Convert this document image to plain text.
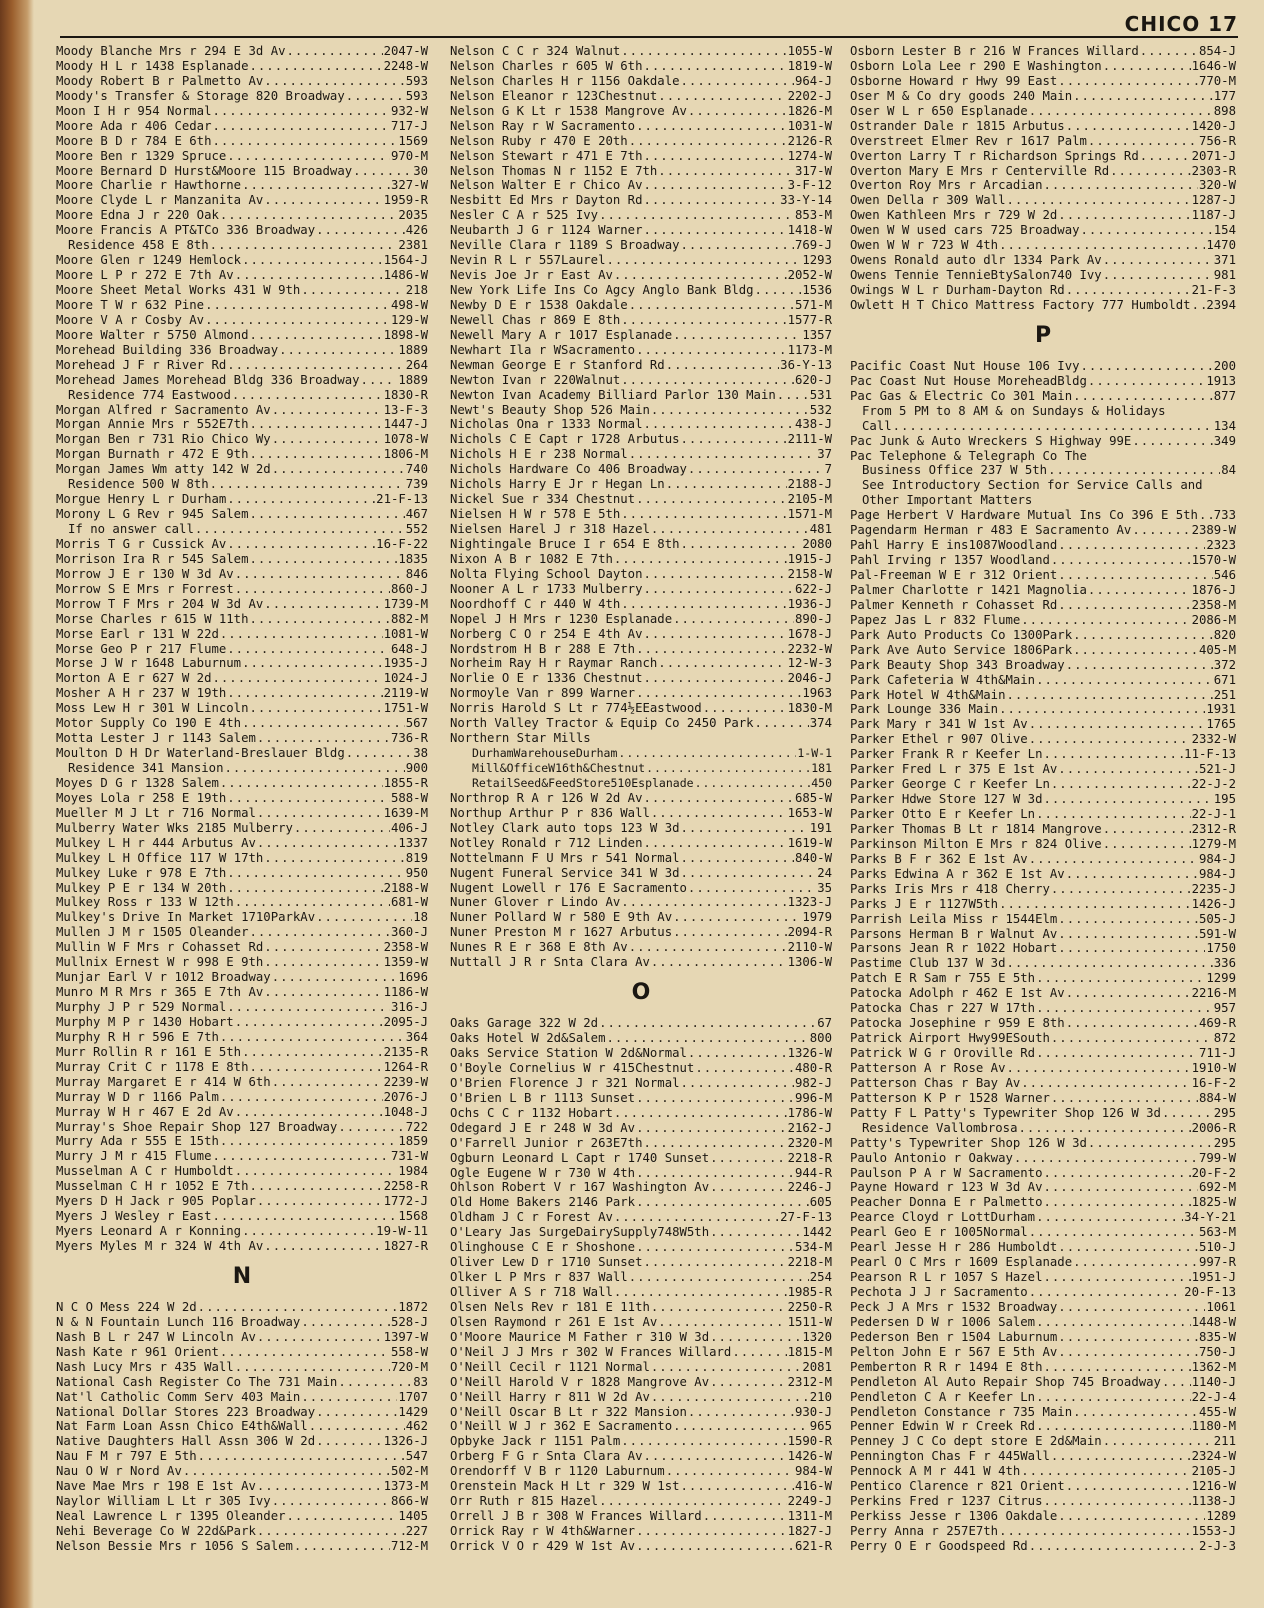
CHICO 17
Moody Blanche Mrs r 294 E 3d Av .....	2047-W
Moody H L r 1438 Esplanade .....	2248-W
Moody Robert B r Palmetto Av .....	593
Moody's Transfer & Storage 820 Broadway .....	593
Moon I H r 954 Normal .....	932-W
Moore Ada r 406 Cedar .....	717-J
Moore B D r 784 E 6th .....	1569
Moore Ben r 1329 Spruce .....	970-M
Moore Bernard D Hurst&Moore 115 Broadway .....	30
Moore Charlie r Hawthorne .....	327-W
Moore Clyde L r Manzanita Av .....	1959-R
Moore Edna J r 220 Oak .....	2035
Moore Francis A PT&TCo 336 Broadway .....	426
Residence 458 E 8th .....	2381
Moore Glen r 1249 Hemlock .....	1564-J
Moore L P r 272 E 7th Av .....	1486-W
Moore Sheet Metal Works 431 W 9th .....	218
Moore T W r 632 Pine .....	498-W
Moore V A r Cosby Av .....	129-W
Moore Walter r 5750 Almond .....	1898-W
Morehead Building 336 Broadway .....	1889
Morehead J F r River Rd .....	264
Morehead James Morehead Bldg 336 Broadway .....	1889
Residence 774 Eastwood .....	1830-R
Morgan Alfred r Sacramento Av .....	13-F-3
Morgan Annie Mrs r 552E7th .....	1447-J
Morgan Ben r 731 Rio Chico Wy .....	1078-W
Morgan Burnath r 472 E 9th .....	1806-M
Morgan James Wm atty 142 W 2d .....	740
Residence 500 W 8th .....	739
Morgue Henry L r Durham .....	21-F-13
Morony L G Rev r 945 Salem .....	467
If no answer call .....	552
Morris T G r Cussick Av .....	16-F-22
Morrison Ira R r 545 Salem .....	1835
Morrow J E r 130 W 3d Av .....	846
Morrow S E Mrs r Forrest .....	860-J
Morrow T F Mrs r 204 W 3d Av .....	1739-M
Morse Charles r 615 W 11th .....	882-M
Morse Earl r 131 W 22d .....	1081-W
Morse Geo P r 217 Flume .....	648-J
Morse J W r 1648 Laburnum .....	1935-J
Morton A E r 627 W 2d .....	1024-J
Mosher A H r 237 W 19th .....	2119-W
Moss Lew H r 301 W Lincoln .....	1751-W
Motor Supply Co 190 E 4th .....	567
Motta Lester J r 1143 Salem .....	736-R
Moulton D H Dr Waterland-Breslauer Bldg .....	38
Residence 341 Mansion .....	900
Moyes D G r 1328 Salem .....	1855-R
Moyes Lola r 258 E 19th .....	588-W
Mueller M J Lt r 716 Normal .....	1639-M
Mulberry Water Wks 2185 Mulberry .....	406-J
Mulkey L H r 444 Arbutus Av .....	1337
Mulkey L H Office 117 W 17th .....	819
Mulkey Luke r 978 E 7th .....	950
Mulkey P E r 134 W 20th .....	2188-W
Mulkey Ross r 133 W 12th .....	681-W
Mulkey's Drive In Market 1710ParkAv .....	18
Mullen J M r 1505 Oleander .....	360-J
Mullin W F Mrs r Cohasset Rd .....	2358-W
Mullnix Ernest W r 998 E 9th .....	1359-W
Munjar Earl V r 1012 Broadway .....	1696
Munro M R Mrs r 365 E 7th Av .....	1186-W
Murphy J P r 529 Normal .....	316-J
Murphy M P r 1430 Hobart .....	2095-J
Murphy R H r 596 E 7th .....	364
Murr Rollin R r 161 E 5th .....	2135-R
Murray Crit C r 1178 E 8th .....	1264-R
Murray Margaret E r 414 W 6th .....	2239-W
Murray W D r 1166 Palm .....	2076-J
Murray W H r 467 E 2d Av .....	1048-J
Murray's Shoe Repair Shop 127 Broadway .....	722
Murry Ada r 555 E 15th .....	1859
Murry J M r 415 Flume .....	731-W
Musselman A C r Humboldt .....	1984
Musselman C H r 1052 E 7th .....	2258-R
Myers D H Jack r 905 Poplar .....	1772-J
Myers J Wesley r East .....	1568
Myers Leonard A r Konning .....	19-W-11
Myers Myles M r 324 W 4th Av .....	1827-R
N
N C O Mess 224 W 2d .....	1872
N & N Fountain Lunch 116 Broadway .....	528-J
Nash B L r 247 W Lincoln Av .....	1397-W
Nash Kate r 961 Orient .....	558-W
Nash Lucy Mrs r 435 Wall .....	720-M
National Cash Register Co The 731 Main .....	83
Nat'l Catholic Comm Serv 403 Main .....	1707
National Dollar Stores 223 Broadway .....	1429
Nat Farm Loan Assn Chico E4th&Wall .....	462
Native Daughters Hall Assn 306 W 2d .....	1326-J
Nau F M r 797 E 5th .....	547
Nau O W r Nord Av .....	502-M
Nave Mae Mrs r 198 E 1st Av .....	1373-M
Naylor William L Lt r 305 Ivy .....	866-W
Neal Lawrence L r 1395 Oleander .....	1405
Nehi Beverage Co W 22d&Park .....	227
Nelson Bessie Mrs r 1056 S Salem .....	712-M
Nelson C C r 324 Walnut .....	1055-W
Nelson Charles r 605 W 6th .....	1819-W
Nelson Charles H r 1156 Oakdale .....	964-J
Nelson Eleanor r 123Chestnut .....	2202-J
Nelson G K Lt r 1538 Mangrove Av .....	1826-M
Nelson Ray r W Sacramento .....	1031-W
Nelson Ruby r 470 E 20th .....	2126-R
Nelson Stewart r 471 E 7th .....	1274-W
Nelson Thomas N r 1152 E 7th .....	317-W
Nelson Walter E r Chico Av .....	3-F-12
Nesbitt Ed Mrs r Dayton Rd .....	33-Y-14
Nesler C A r 525 Ivy .....	853-M
Neubarth J G r 1124 Warner .....	1418-W
Neville Clara r 1189 S Broadway .....	769-J
Nevin R L r 557Laurel .....	1293
Nevis Joe Jr r East Av .....	2052-W
New York Life Ins Co Agcy Anglo Bank Bldg .....	1536
Newby D E r 1538 Oakdale .....	571-M
Newell Chas r 869 E 8th .....	1577-R
Newell Mary A r 1017 Esplanade .....	1357
Newhart Ila r WSacramento .....	1173-M
Newman George E r Stanford Rd .....	36-Y-13
Newton Ivan r 220Walnut .....	620-J
Newton Ivan Academy Billiard Parlor 130 Main .....	531
Newt's Beauty Shop 526 Main .....	532
Nicholas Ona r 1333 Normal .....	438-J
Nichols C E Capt r 1728 Arbutus .....	2111-W
Nichols H E r 238 Normal .....	37
Nichols Hardware Co 406 Broadway .....	7
Nichols Harry E Jr r Hegan Ln .....	2188-J
Nickel Sue r 334 Chestnut .....	2105-M
Nielsen H W r 578 E 5th .....	1571-M
Nielsen Harel J r 318 Hazel .....	481
Nightingale Bruce I r 654 E 8th .....	2080
Nixon A B r 1082 E 7th .....	1915-J
Nolta Flying School Dayton .....	2158-W
Nooner A L r 1733 Mulberry .....	622-J
Noordhoff C r 440 W 4th .....	1936-J
Nopel J H Mrs r 1230 Esplanade .....	890-J
Norberg C O r 254 E 4th Av .....	1678-J
Nordstrom H B r 288 E 7th .....	2232-W
Norheim Ray H r Raymar Ranch .....	12-W-3
Norlie O E r 1336 Chestnut .....	2046-J
Normoyle Van r 899 Warner .....	1963
Norris Harold S Lt r 774½EEastwood .....	1830-M
North Valley Tractor & Equip Co 2450 Park .....	374
Northern Star Mills
DurhamWarehouseDurham .....	1-W-1
Mill&OfficeW16th&Chestnut .....	181
RetailSeed&FeedStore510Esplanade .....	450
Northrop R A r 126 W 2d Av .....	685-W
Northup Arthur P r 836 Wall .....	1653-W
Notley Clark auto tops 123 W 3d .....	191
Notley Ronald r 712 Linden .....	1619-W
Nottelmann F U Mrs r 541 Normal .....	840-W
Nugent Funeral Service 341 W 3d .....	24
Nugent Lowell r 176 E Sacramento .....	35
Nuner Glover r Lindo Av .....	1323-J
Nuner Pollard W r 580 E 9th Av .....	1979
Nuner Preston M r 1627 Arbutus .....	2094-R
Nunes R E r 368 E 8th Av .....	2110-W
Nuttall J R r Snta Clara Av .....	1306-W
O
Oaks Garage 322 W 2d .....	67
Oaks Hotel W 2d&Salem .....	800
Oaks Service Station W 2d&Normal .....	1326-W
O'Boyle Cornelius W r 415Chestnut .....	480-R
O'Brien Florence J r 321 Normal .....	982-J
O'Brien L B r 1113 Sunset .....	996-M
Ochs C C r 1132 Hobart .....	1786-W
Odegard J E r 248 W 3d Av .....	2162-J
O'Farrell Junior r 263E7th .....	2320-M
Ogburn Leonard L Capt r 1740 Sunset .....	2218-R
Ogle Eugene W r 730 W 4th .....	944-R
Ohlson Robert V r 167 Washington Av .....	2246-J
Old Home Bakers 2146 Park .....	605
Oldham J C r Forest Av .....	27-F-13
O'Leary Jas SurgeDairySupply748W5th .....	1442
Olinghouse C E r Shoshone .....	534-M
Oliver Lew D r 1710 Sunset .....	2218-M
Olker L P Mrs r 837 Wall .....	254
Olliver A S r 718 Wall .....	1985-R
Olsen Nels Rev r 181 E 11th .....	2250-R
Olsen Raymond r 261 E 1st Av .....	1511-W
O'Moore Maurice M Father r 310 W 3d .....	1320
O'Neil J J Mrs r 302 W Frances Willard .....	1815-M
O'Neill Cecil r 1121 Normal .....	2081
O'Neill Harold V r 1828 Mangrove Av .....	2312-M
O'Neill Harry r 811 W 2d Av .....	210
O'Neill Oscar B Lt r 322 Mansion .....	930-J
O'Neill W J r 362 E Sacramento .....	965
Opbyke Jack r 1151 Palm .....	1590-R
Orberg F G r Snta Clara Av .....	1426-W
Orendorff V B r 1120 Laburnum .....	984-W
Orenstein Mack H Lt r 329 W 1st .....	416-W
Orr Ruth r 815 Hazel .....	2249-J
Orrell J B r 308 W Frances Willard .....	1311-M
Orrick Ray r W 4th&Warner .....	1827-J
Orrick V O r 429 W 1st Av .....	621-R
Osborn Lester B r 216 W Frances Willard .....	854-J
Osborn Lola Lee r 290 E Washington .....	1646-W
Osborne Howard r Hwy 99 East .....	770-M
Oser M & Co dry goods 240 Main .....	177
Oser W L r 650 Esplanade .....	898
Ostrander Dale r 1815 Arbutus .....	1420-J
Overstreet Elmer Rev r 1617 Palm .....	756-R
Overton Larry T r Richardson Springs Rd .....	2071-J
Overton Mary E Mrs r Centerville Rd .....	2303-R
Overton Roy Mrs r Arcadian .....	320-W
Owen Della r 309 Wall .....	1287-J
Owen Kathleen Mrs r 729 W 2d .....	1187-J
Owen W W used cars 725 Broadway .....	154
Owen W W r 723 W 4th .....	1470
Owens Ronald auto dlr 1334 Park Av .....	371
Owens Tennie TennieBtySalon740 Ivy .....	981
Owings W L r Durham-Dayton Rd .....	21-F-3
Owlett H T Chico Mattress Factory 777 Humboldt ..... 2394
P
Pacific Coast Nut House 106 Ivy .....	200
Pac Coast Nut House MoreheadBldg .....	1913
Pac Gas & Electric Co 301 Main .....	877
From 5 PM to 8 AM & on Sundays & Holidays
Call .....	134
Pac Junk & Auto Wreckers S Highway 99E .....	349
Pac Telephone & Telegraph Co The
Business Office 237 W 5th .....	84
See Introductory Section for Service Calls and
Other Important Matters
Page Herbert V Hardware Mutual Ins Co 396 E 5th ..... 733
Pagendarm Herman r 483 E Sacramento Av .....	2389-W
Pahl Harry E ins1087Woodland .....	2323
Pahl Irving r 1357 Woodland .....	1570-W
Pal-Freeman W E r 312 Orient .....	546
Palmer Charlotte r 1421 Magnolia .....	1876-J
Palmer Kenneth r Cohasset Rd .....	2358-M
Papez Jas L r 832 Flume .....	2086-M
Park Auto Products Co 1300Park .....	820
Park Ave Auto Service 1806Park .....	405-M
Park Beauty Shop 343 Broadway .....	372
Park Cafeteria W 4th&Main .....	671
Park Hotel W 4th&Main .....	251
Park Lounge 336 Main .....	1931
Park Mary r 341 W 1st Av .....	1765
Parker Ethel r 907 Olive .....	2332-W
Parker Frank R r Keefer Ln .....	11-F-13
Parker Fred L r 375 E 1st Av .....	521-J
Parker George C r Keefer Ln .....	22-J-2
Parker Hdwe Store 127 W 3d .....	195
Parker Otto E r Keefer Ln .....	22-J-1
Parker Thomas B Lt r 1814 Mangrove .....	2312-R
Parkinson Milton E Mrs r 824 Olive .....	1279-M
Parks B F r 362 E 1st Av .....	984-J
Parks Edwina A r 362 E 1st Av .....	984-J
Parks Iris Mrs r 418 Cherry .....	2235-J
Parks J E r 1127W5th .....	1426-J
Parrish Leila Miss r 1544Elm .....	505-J
Parsons Herman B r Walnut Av .....	591-W
Parsons Jean R r 1022 Hobart .....	1750
Pastime Club 137 W 3d .....	336
Patch E R Sam r 755 E 5th .....	1299
Patocka Adolph r 462 E 1st Av .....	2216-M
Patocka Chas r 227 W 17th .....	957
Patocka Josephine r 959 E 8th .....	469-R
Patrick Airport Hwy99ESouth .....	872
Patrick W G r Oroville Rd .....	711-J
Patterson A r Rose Av .....	1910-W
Patterson Chas r Bay Av .....	16-F-2
Patterson K P r 1528 Warner .....	884-W
Patty F L Patty's Typewriter Shop 126 W 3d .....	295
Residence Vallombrosa .....	2006-R
Patty's Typewriter Shop 126 W 3d .....	295
Paulo Antonio r Oakway .....	799-W
Paulson P A r W Sacramento .....	20-F-2
Payne Howard r 123 W 3d Av .....	692-M
Peacher Donna E r Palmetto .....	1825-W
Pearce Cloyd r LottDurham .....	34-Y-21
Pearl Geo E r 1005Normal .....	563-M
Pearl Jesse H r 286 Humboldt .....	510-J
Pearl O C Mrs r 1609 Esplanade .....	997-R
Pearson R L r 1057 S Hazel .....	1951-J
Pechota J J r Sacramento .....	20-F-13
Peck J A Mrs r 1532 Broadway .....	1061
Pedersen D W r 1006 Salem .....	1448-W
Pederson Ben r 1504 Laburnum .....	835-W
Pelton John E r 567 E 5th Av .....	750-J
Pemberton R R r 1494 E 8th .....	1362-M
Pendleton Al Auto Repair Shop 745 Broadway ..... 1140-J
Pendleton C A r Keefer Ln .....	22-J-4
Pendleton Constance r 735 Main .....	455-W
Penner Edwin W r Creek Rd .....	1180-M
Penney J C Co dept store E 2d&Main .....	211
Pennington Chas F r 445Wall .....	2324-W
Pennock A M r 441 W 4th .....	2105-J
Pentico Clarence r 821 Orient .....	1216-W
Perkins Fred r 1237 Citrus .....	1138-J
Perkiss Jesse r 1306 Oakdale .....	1289
Perry Anna r 257E7th .....	1553-J
Perry O E r Goodspeed Rd .....	2-J-3
